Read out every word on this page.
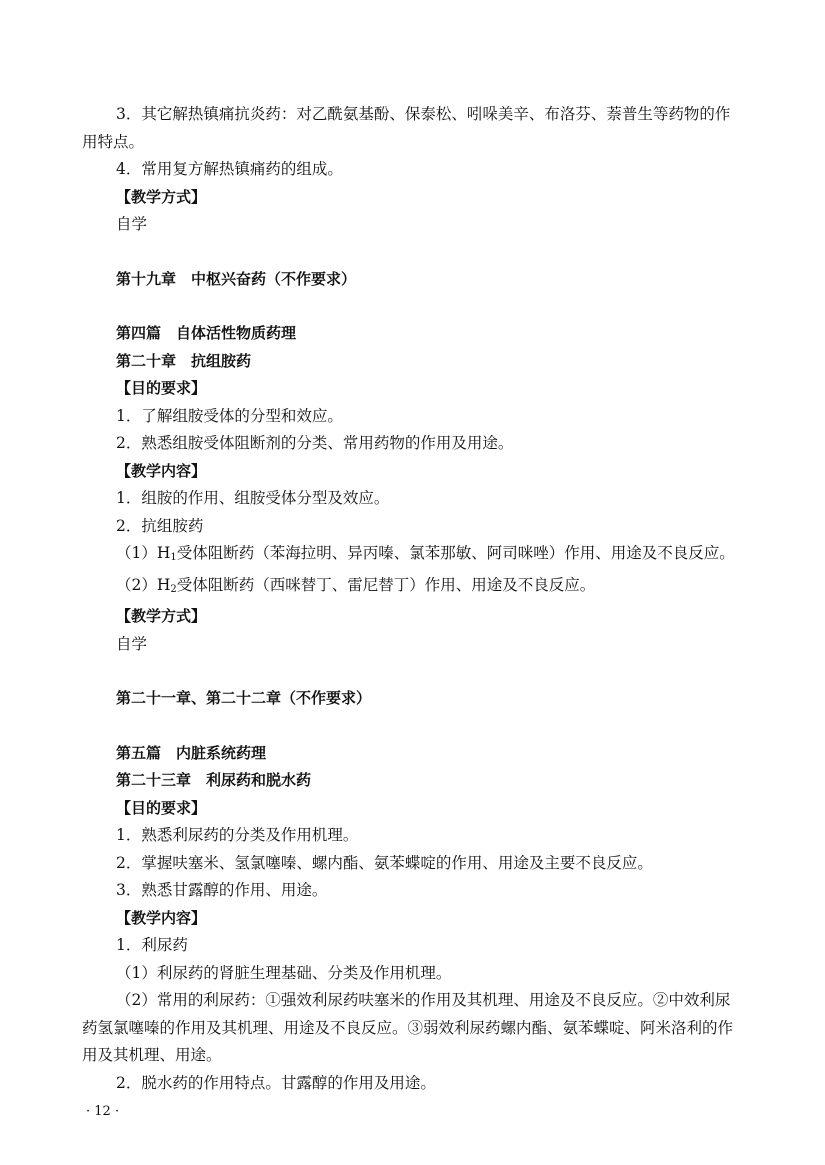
3．其它解热镇痛抗炎药：对乙酰氨基酚、保泰松、吲哚美辛、布洛芬、萘普生等药物的作用特点。
4．常用复方解热镇痛药的组成。
【教学方式】
自学
第十九章　中枢兴奋药（不作要求）
第四篇　自体活性物质药理
第二十章　抗组胺药
【目的要求】
1．了解组胺受体的分型和效应。
2．熟悉组胺受体阻断剂的分类、常用药物的作用及用途。
【教学内容】
1．组胺的作用、组胺受体分型及效应。
2．抗组胺药
$(1)H_1$受体阻断药（苯海拉明、异丙嗪、氯苯那敏、阿司咪唑）作用、用途及不良反应。
$(2)H_2$受体阻断药（西咪替丁、雷尼替丁）作用、用途及不良反应。
【教学方式】
自学
第二十一章、第二十二章（不作要求）
第五篇　内脏系统药理
第二十三章　利尿药和脱水药
【目的要求】
1．熟悉利尿药的分类及作用机理。
2．掌握呋塞米、氢氯噻嗪、螺内酯、氨苯蝶啶的作用、用途及主要不良反应。
3．熟悉甘露醇的作用、用途。
【教学内容】
1．利尿药
（1）利尿药的肾脏生理基础、分类及作用机理。
（2）常用的利尿药：①强效利尿药呋塞米的作用及其机理、用途及不良反应。②中效利尿药氢氯噻嗪的作用及其机理、用途及不良反应。③弱效利尿药螺内酯、氨苯蝶啶、阿米洛利的作用及其机理、用途。
2．脱水药的作用特点。甘露醇的作用及用途。
· 12 ·
